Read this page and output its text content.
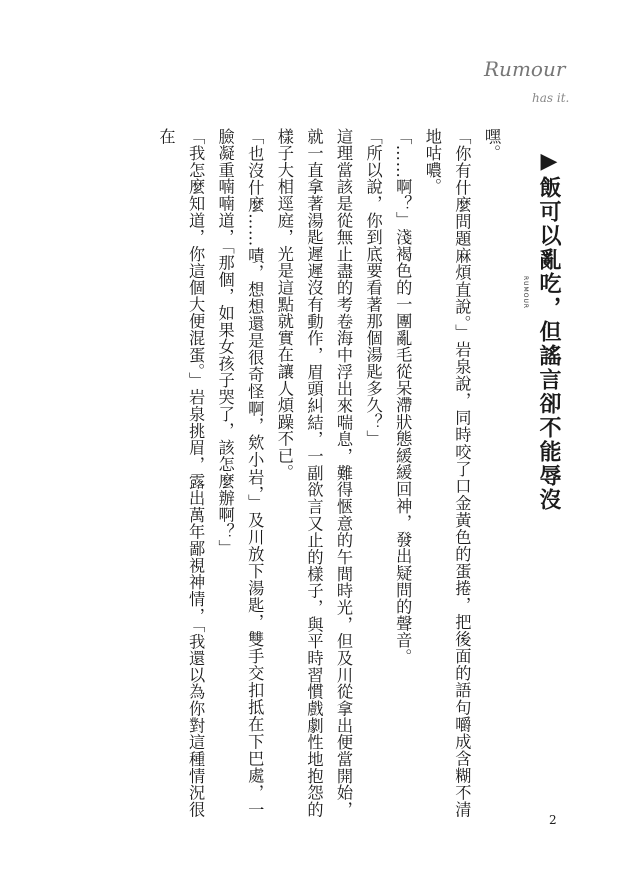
Rumour
has it.
▶飯可以亂吃，但謠言卻不能辱沒
RUMOUR

嘿。

「你有什麼問題麻煩直說。」岩泉說，同時咬了口金黃色的蛋捲，把後面的語句嚼成含糊不清地咕噥。

「……啊？」淺褐色的一團亂毛從呆滯狀態緩緩回神，發出疑問的聲音。

「所以說，你到底要看著那個湯匙多久？」

這理當該是從無止盡的考卷海中浮出來喘息，難得愜意的午間時光，但及川從拿出便當開始，就一直拿著湯匙遲遲沒有動作，眉頭糾結，一副欲言又止的樣子，與平時習慣戲劇性地抱怨的樣子大相逕庭，光是這點就實在讓人煩躁不已。

「也沒什麼……嘖，想想還是很奇怪啊，欸小岩，」及川放下湯匙，雙手交扣抵在下巴處，一臉凝重喃喃道，「那個，如果女孩子哭了，該怎麼辦啊？」

「我怎麼知道，你這個大便混蛋。」岩泉挑眉，露出萬年鄙視神情，「我還以為你對這種情況很在

2
